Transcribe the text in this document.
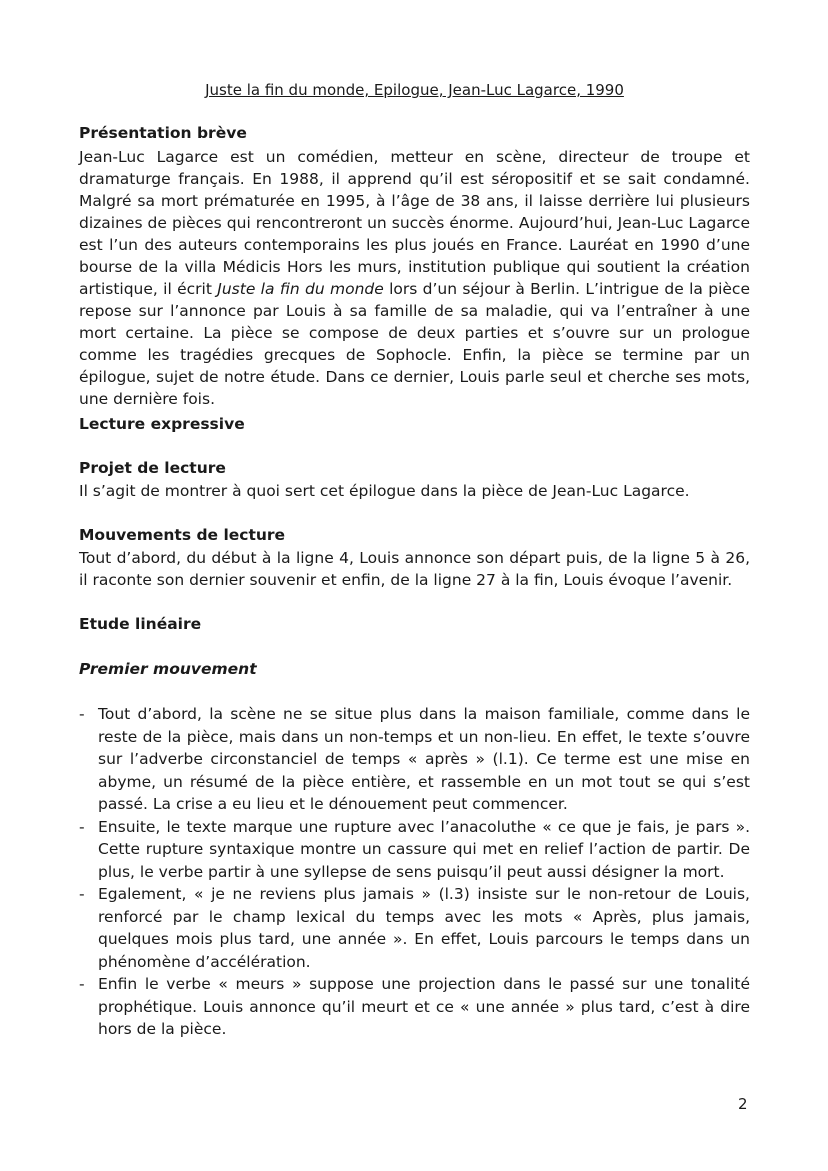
Juste la fin du monde, Epilogue, Jean-Luc Lagarce, 1990
Présentation brève
Jean-Luc Lagarce est un comédien, metteur en scène, directeur de troupe et dramaturge français. En 1988, il apprend qu’il est séropositif et se sait condamné. Malgré sa mort prématurée en 1995, à l’âge de 38 ans, il laisse derrière lui plusieurs dizaines de pièces qui rencontreront un succès énorme. Aujourd’hui, Jean-Luc Lagarce est l’un des auteurs contemporains les plus joués en France. Lauréat en 1990 d’une bourse de la villa Médicis Hors les murs, institution publique qui soutient la création artistique, il écrit Juste la fin du monde lors d’un séjour à Berlin. L’intrigue de la pièce repose sur l’annonce par Louis à sa famille de sa maladie, qui va l’entraîner à une mort certaine. La pièce se compose de deux parties et s’ouvre sur un prologue comme les tragédies grecques de Sophocle. Enfin, la pièce se termine par un épilogue, sujet de notre étude. Dans ce dernier, Louis parle seul et cherche ses mots, une dernière fois.
Lecture expressive
Projet de lecture
Il s’agit de montrer à quoi sert cet épilogue dans la pièce de Jean-Luc Lagarce.
Mouvements de lecture
Tout d’abord, du début à la ligne 4, Louis annonce son départ puis, de la ligne 5 à 26, il raconte son dernier souvenir et enfin, de la ligne 27 à la fin, Louis évoque l’avenir.
Etude linéaire
Premier mouvement
- Tout d’abord, la scène ne se situe plus dans la maison familiale, comme dans le reste de la pièce, mais dans un non-temps et un non-lieu. En effet, le texte s’ouvre sur l’adverbe circonstanciel de temps « après » (l.1). Ce terme est une mise en abyme, un résumé de la pièce entière, et rassemble en un mot tout se qui s’est passé. La crise a eu lieu et le dénouement peut commencer.
- Ensuite, le texte marque une rupture avec l’anacoluthe « ce que je fais, je pars ». Cette rupture syntaxique montre un cassure qui met en relief l’action de partir. De plus, le verbe partir à une syllepse de sens puisqu’il peut aussi désigner la mort.
- Egalement, « je ne reviens plus jamais » (l.3) insiste sur le non-retour de Louis, renforcé par le champ lexical du temps avec les mots « Après, plus jamais, quelques mois plus tard, une année ». En effet, Louis parcours le temps dans un phénomène d’accélération.
- Enfin le verbe « meurs » suppose une projection dans le passé sur une tonalité prophétique. Louis annonce qu’il meurt et ce « une année » plus tard, c’est à dire hors de la pièce.
2
